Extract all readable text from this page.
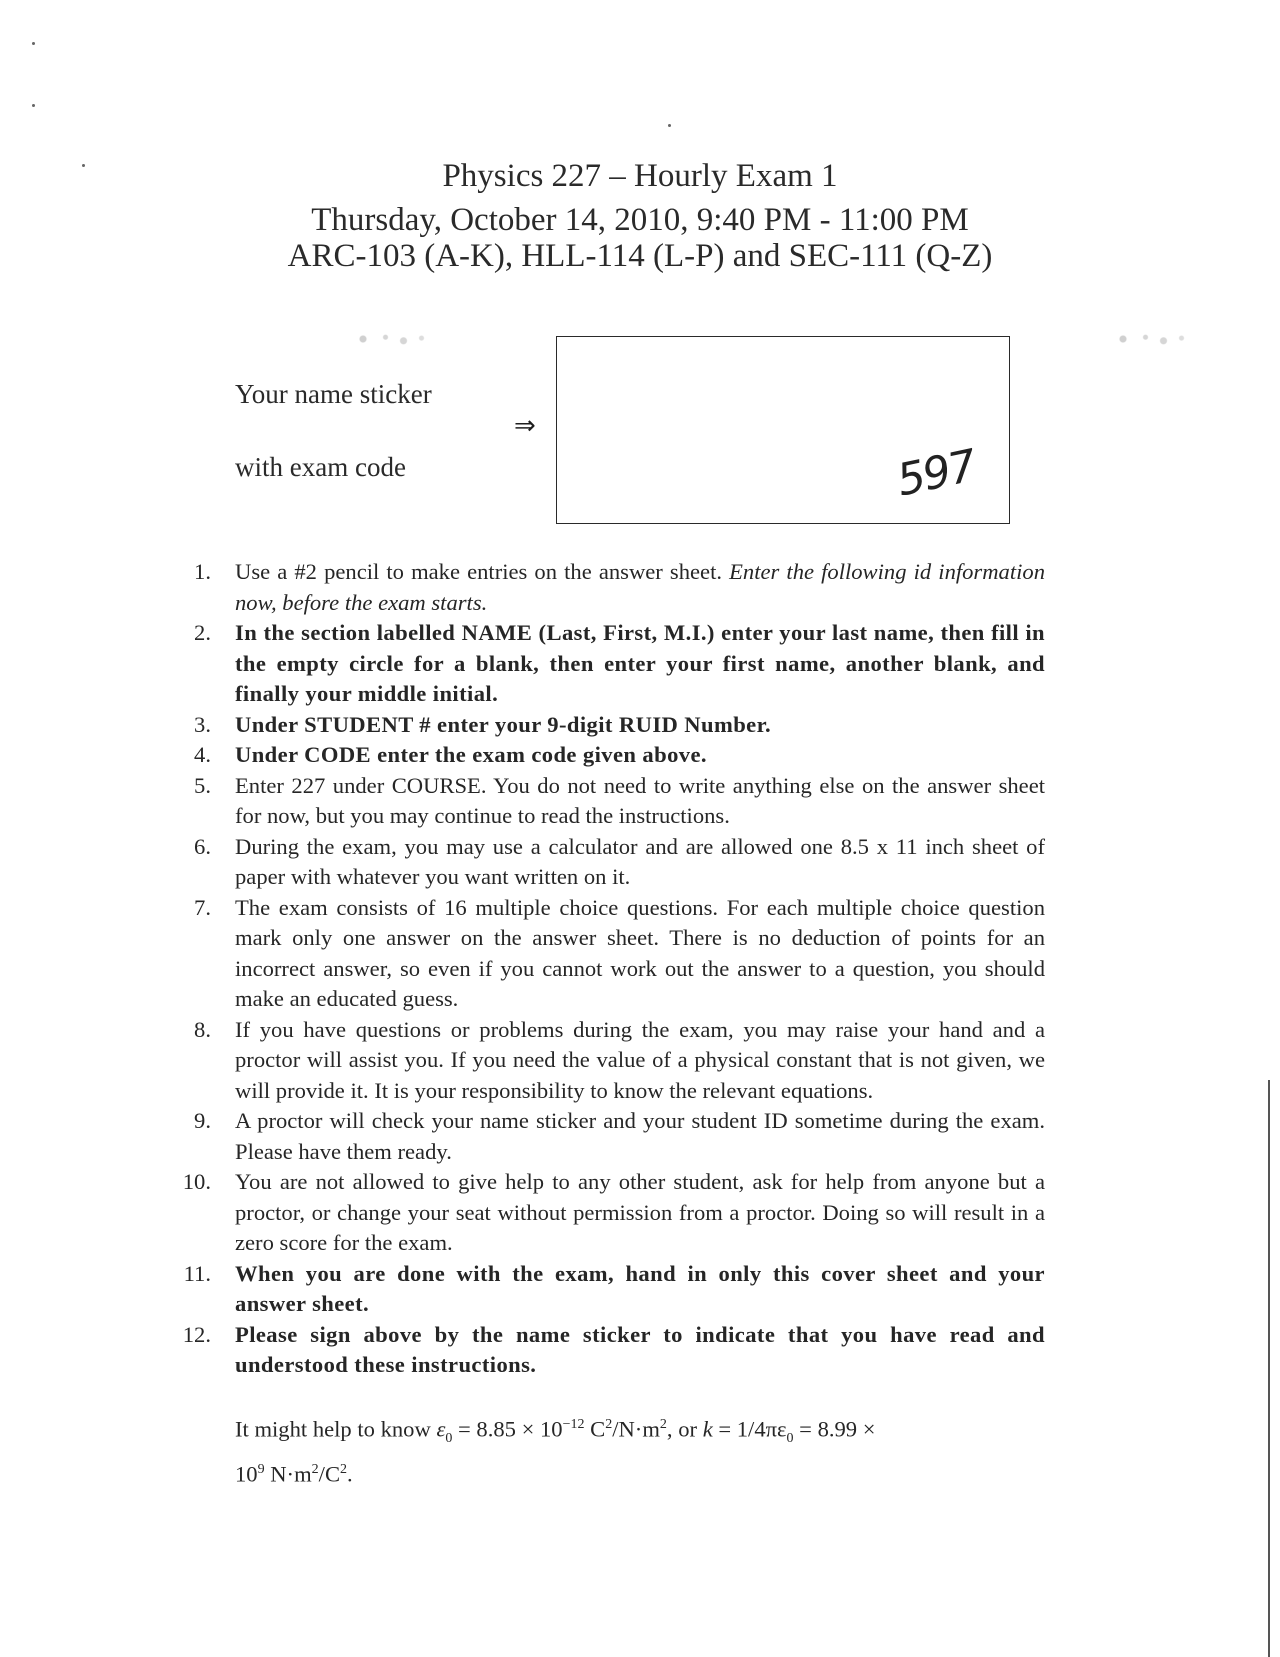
Physics 227 – Hourly Exam 1
Thursday, October 14, 2010, 9:40 PM - 11:00 PM
ARC-103 (A-K), HLL-114 (L-P) and SEC-111 (Q-Z)
Your name sticker
with exam code
⇒
597
1. Use a #2 pencil to make entries on the answer sheet. Enter the following id information now, before the exam starts.
2. In the section labelled NAME (Last, First, M.I.) enter your last name, then fill in the empty circle for a blank, then enter your first name, another blank, and finally your middle initial.
3. Under STUDENT # enter your 9-digit RUID Number.
4. Under CODE enter the exam code given above.
5. Enter 227 under COURSE. You do not need to write anything else on the answer sheet for now, but you may continue to read the instructions.
6. During the exam, you may use a calculator and are allowed one 8.5 x 11 inch sheet of paper with whatever you want written on it.
7. The exam consists of 16 multiple choice questions. For each multiple choice question mark only one answer on the answer sheet. There is no deduction of points for an incorrect answer, so even if you cannot work out the answer to a question, you should make an educated guess.
8. If you have questions or problems during the exam, you may raise your hand and a proctor will assist you. If you need the value of a physical constant that is not given, we will provide it. It is your responsibility to know the relevant equations.
9. A proctor will check your name sticker and your student ID sometime during the exam. Please have them ready.
10. You are not allowed to give help to any other student, ask for help from anyone but a proctor, or change your seat without permission from a proctor. Doing so will result in a zero score for the exam.
11. When you are done with the exam, hand in only this cover sheet and your answer sheet.
12. Please sign above by the name sticker to indicate that you have read and understood these instructions.
It might help to know $\varepsilon_0 = 8.85 \times 10^{-12}$ $C^2/N\cdot m^2$, or $k = 1/4\pi\varepsilon_0 = 8.99$ ×
$10^9$ $N\cdot m^2/C^2$.
